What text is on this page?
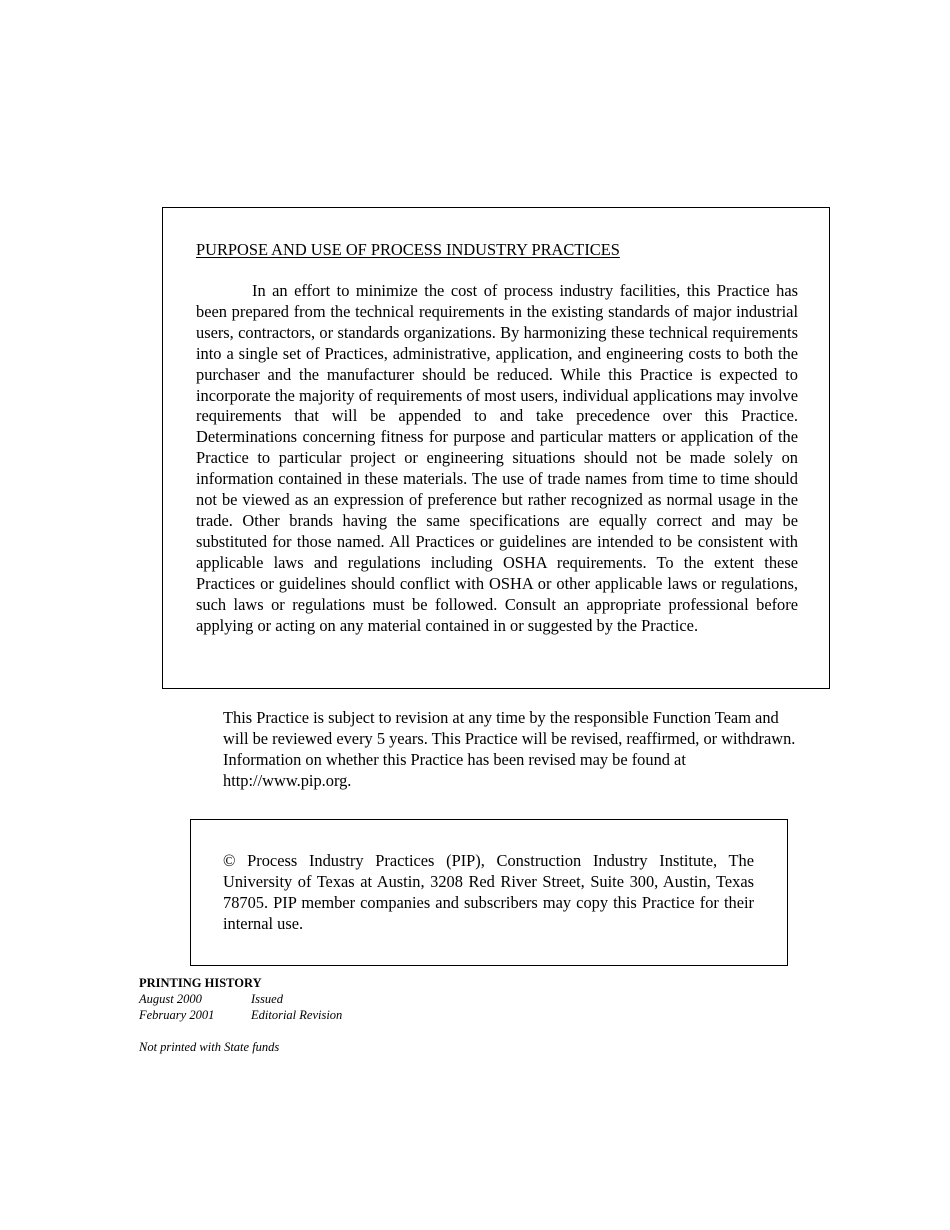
PURPOSE AND USE OF PROCESS INDUSTRY PRACTICES

In an effort to minimize the cost of process industry facilities, this Practice has been prepared from the technical requirements in the existing standards of major industrial users, contractors, or standards organizations. By harmonizing these technical requirements into a single set of Practices, administrative, application, and engineering costs to both the purchaser and the manufacturer should be reduced. While this Practice is expected to incorporate the majority of requirements of most users, individual applications may involve requirements that will be appended to and take precedence over this Practice. Determinations concerning fitness for purpose and particular matters or application of the Practice to particular project or engineering situations should not be made solely on information contained in these materials. The use of trade names from time to time should not be viewed as an expression of preference but rather recognized as normal usage in the trade. Other brands having the same specifications are equally correct and may be substituted for those named. All Practices or guidelines are intended to be consistent with applicable laws and regulations including OSHA requirements. To the extent these Practices or guidelines should conflict with OSHA or other applicable laws or regulations, such laws or regulations must be followed. Consult an appropriate professional before applying or acting on any material contained in or suggested by the Practice.

This Practice is subject to revision at any time by the responsible Function Team and will be reviewed every 5 years. This Practice will be revised, reaffirmed, or withdrawn. Information on whether this Practice has been revised may be found at http://www.pip.org.

© Process Industry Practices (PIP), Construction Industry Institute, The University of Texas at Austin, 3208 Red River Street, Suite 300, Austin, Texas 78705. PIP member companies and subscribers may copy this Practice for their internal use.

PRINTING HISTORY
August 2000	Issued
February 2001	Editorial Revision
Not printed with State funds
